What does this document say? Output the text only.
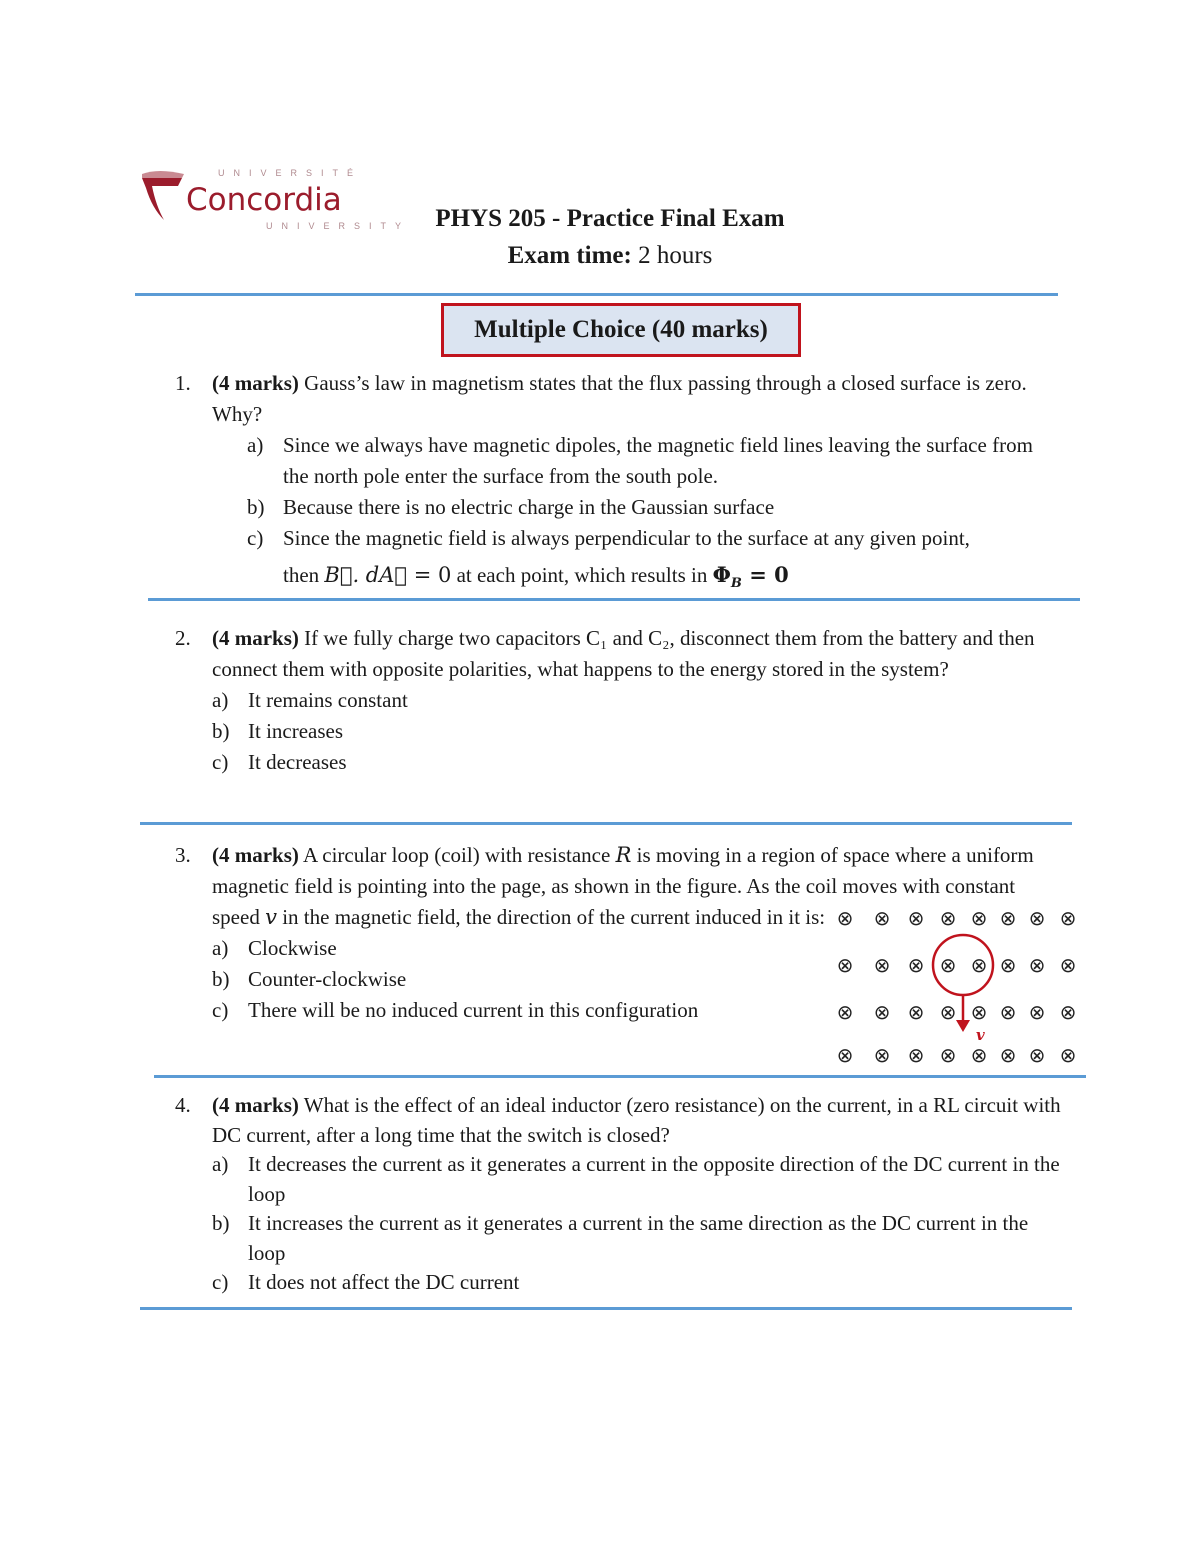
UNIVERSITÉ
Concordia
UNIVERSITY	PHYS 205 - Practice Final Exam
Exam time: 2 hours
Multiple Choice (40 marks)
1.	(4 marks) Gauss’s law in magnetism states that the flux passing through a closed surface is zero. Why?
a) Since we always have magnetic dipoles, the magnetic field lines leaving the surface from the north pole enter the surface from the south pole.
b) Because there is no electric charge in the Gaussian surface
c) Since the magnetic field is always perpendicular to the surface at any given point,
then B⃗. dA⃗ = 0 at each point, which results in $\Phi_B = 0$
2.	(4 marks) If we fully charge two capacitors C₁ and C₂, disconnect them from the battery and then connect them with opposite polarities, what happens to the energy stored in the system?
a) It remains constant
b) It increases
c) It decreases
3.	(4 marks) A circular loop (coil) with resistance R is moving in a region of space where a uniform magnetic field is pointing into the page, as shown in the figure. As the coil moves with constant speed v in the magnetic field, the direction of the current induced in it is:
a) Clockwise
b) Counter-clockwise
c) There will be no induced current in this configuration
⊗ ⊗ ⊗ ⊗ ⊗ ⊗ ⊗ ⊗
⊗ ⊗ ⊗ ⊗ ⊗ ⊗ ⊗ ⊗
⊗ ⊗ ⊗ ⊗ ⊗ ⊗ ⊗ ⊗
⊗ ⊗ ⊗ ⊗ ⊗ ⊗ ⊗ ⊗
v
4.	(4 marks) What is the effect of an ideal inductor (zero resistance) on the current, in a RL circuit with DC current, after a long time that the switch is closed?
a) It decreases the current as it generates a current in the opposite direction of the DC current in the loop
b) It increases the current as it generates a current in the same direction as the DC current in the loop
c) It does not affect the DC current
